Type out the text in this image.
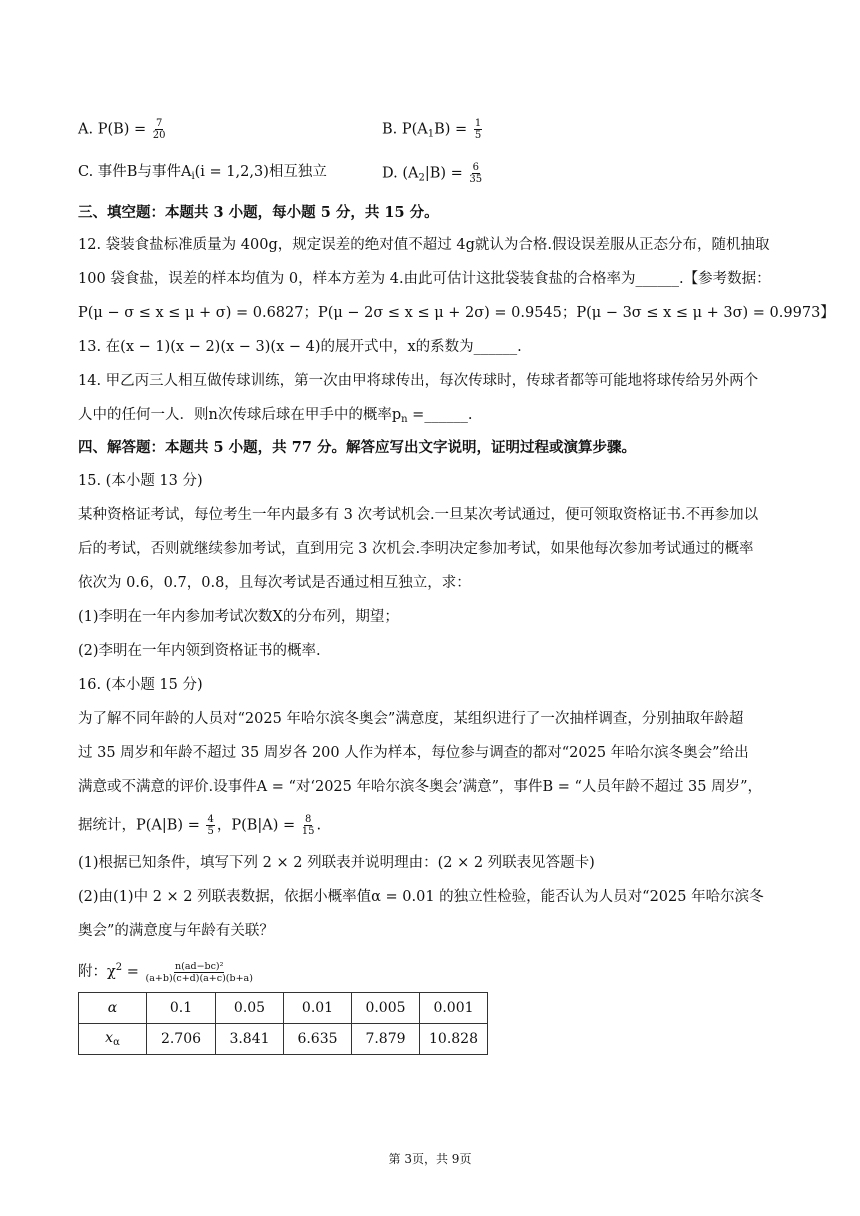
A. $P(B) = \frac{7}{20}$	B. $P(A_1B) = \frac{1}{5}$
C. 事件B与事件$A_i(i = 1,2,3)$相互独立	D. $(A_2|B) = \frac{6}{35}$
三、填空题：本题共 3 小题，每小题 5 分，共 15 分。
12. 袋装食盐标准质量为 400g，规定误差的绝对值不超过 4g就认为合格.假设误差服从正态分布，随机抽取
100 袋食盐，误差的样本均值为 0，样本方差为 4.由此可估计这批袋装食盐的合格率为______.【参考数据：
P(μ − σ ≤ x ≤ μ + σ) = 0.6827；P(μ − 2σ ≤ x ≤ μ + 2σ) = 0.9545；P(μ − 3σ ≤ x ≤ μ + 3σ) = 0.9973】
13. 在(x − 1)(x − 2)(x − 3)(x − 4)的展开式中，x的系数为______.
14. 甲乙丙三人相互做传球训练，第一次由甲将球传出，每次传球时，传球者都等可能地将球传给另外两个
人中的任何一人．则n次传球后球在甲手中的概率$p_n$ =______.
四、解答题：本题共 5 小题，共 77 分。解答应写出文字说明，证明过程或演算步骤。
15. (本小题 13 分)
某种资格证考试，每位考生一年内最多有 3 次考试机会.一旦某次考试通过，便可领取资格证书.不再参加以
后的考试，否则就继续参加考试，直到用完 3 次机会.李明决定参加考试，如果他每次参加考试通过的概率
依次为 0.6，0.7，0.8，且每次考试是否通过相互独立，求：
(1)李明在一年内参加考试次数X的分布列，期望；
(2)李明在一年内领到资格证书的概率.
16. (本小题 15 分)
为了解不同年龄的人员对“2025 年哈尔滨冬奥会”满意度，某组织进行了一次抽样调查，分别抽取年龄超
过 35 周岁和年龄不超过 35 周岁各 200 人作为样本，每位参与调查的都对“2025 年哈尔滨冬奥会”给出
满意或不满意的评价.设事件A = “对‘2025 年哈尔滨冬奥会’满意”，事件B = “人员年龄不超过 35 周岁”，
据统计，$P(A|B) = \frac{4}{5}$ ，$P(B|A) = \frac{8}{15}$ .
(1)根据已知条件，填写下列 2 × 2 列联表并说明理由：(2 × 2 列联表见答题卡)
(2)由(1)中 2 × 2 列联表数据，依据小概率值α = 0.01 的独立性检验，能否认为人员对“2025 年哈尔滨冬
奥会”的满意度与年龄有关联？
附：$\chi^2 = \frac{\text{n(ad−bc)²}}{(a+b)(c+d)(a+c)(b+a)}$
α	0.1	0.05	0.01	0.005	0.001
$x_\alpha$	2.706	3.841	6.635	7.879	10.828
第 3页，共 9页
